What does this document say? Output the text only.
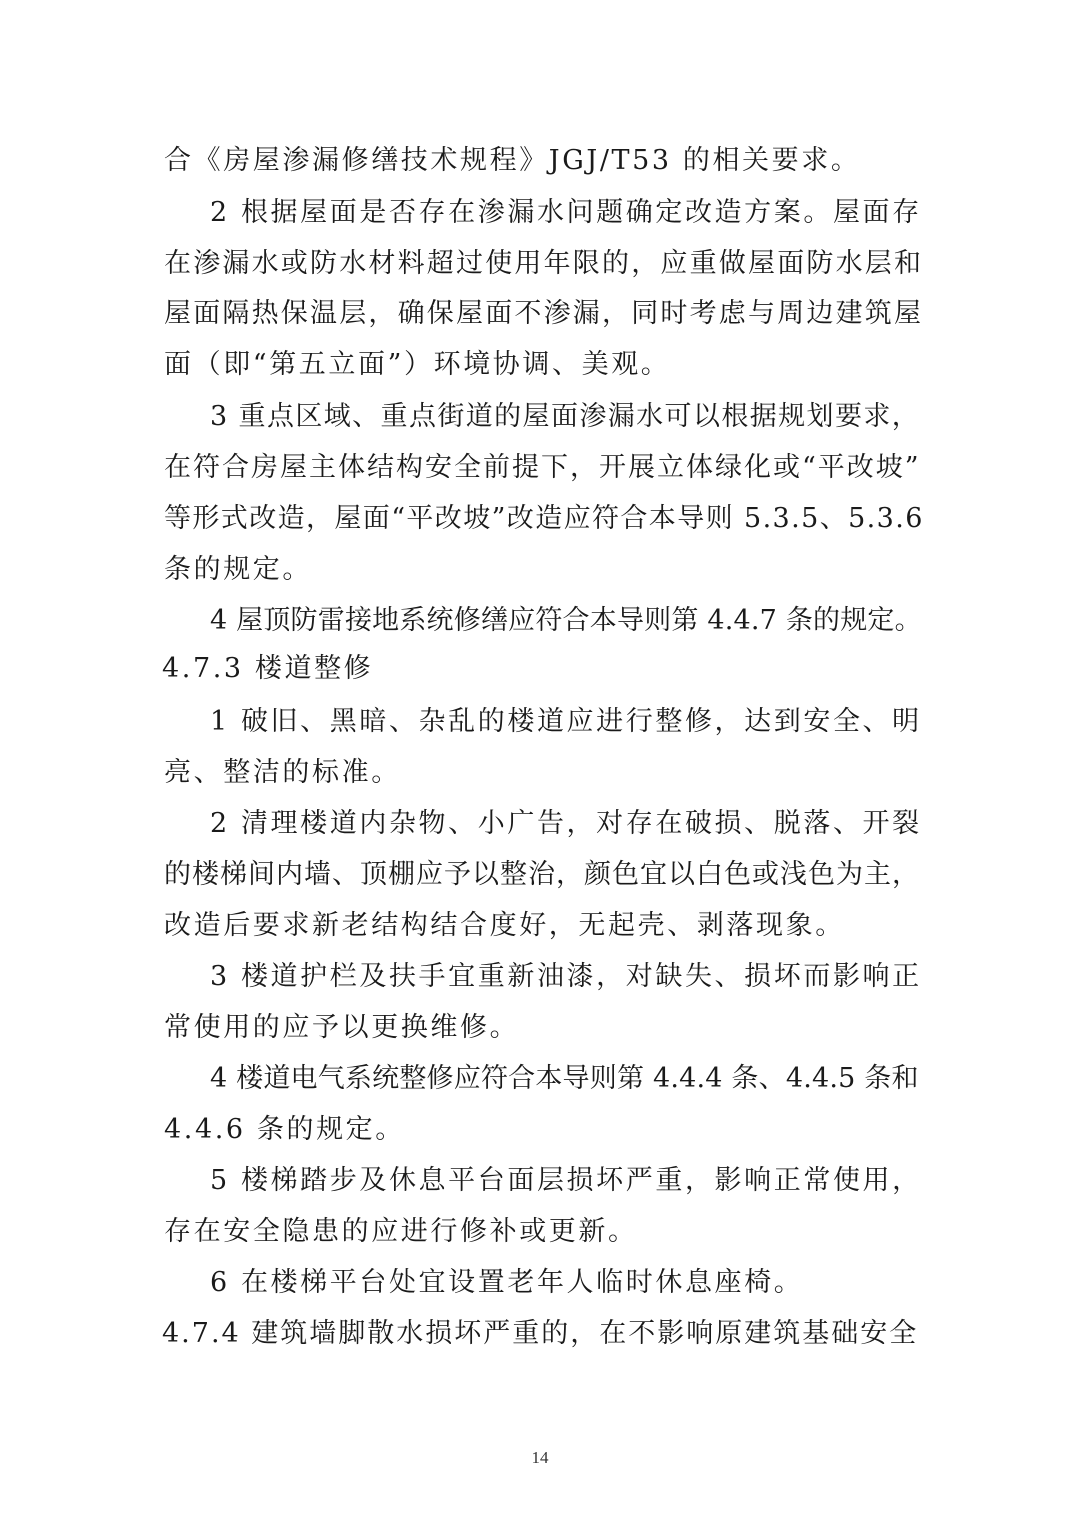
合《房屋渗漏修缮技术规程》JGJ/T53 的相关要求。
2 根据屋面是否存在渗漏水问题确定改造方案。屋面存
在渗漏水或防水材料超过使用年限的，应重做屋面防水层和
屋面隔热保温层，确保屋面不渗漏，同时考虑与周边建筑屋
面（即“第五立面”）环境协调、美观。
3 重点区域、重点街道的屋面渗漏水可以根据规划要求，
在符合房屋主体结构安全前提下，开展立体绿化或“平改坡”
等形式改造，屋面“平改坡”改造应符合本导则 5.3.5、5.3.6
条的规定。
4 屋顶防雷接地系统修缮应符合本导则第 4.4.7 条的规定。
4.7.3 楼道整修
1 破旧、黑暗、杂乱的楼道应进行整修，达到安全、明
亮、整洁的标准。
2 清理楼道内杂物、小广告，对存在破损、脱落、开裂
的楼梯间内墙、顶棚应予以整治，颜色宜以白色或浅色为主，
改造后要求新老结构结合度好，无起壳、剥落现象。
3 楼道护栏及扶手宜重新油漆，对缺失、损坏而影响正
常使用的应予以更换维修。
4 楼道电气系统整修应符合本导则第 4.4.4 条、4.4.5 条和
4.4.6 条的规定。
5 楼梯踏步及休息平台面层损坏严重，影响正常使用，
存在安全隐患的应进行修补或更新。
6 在楼梯平台处宜设置老年人临时休息座椅。
4.7.4 建筑墙脚散水损坏严重的，在不影响原建筑基础安全
14
